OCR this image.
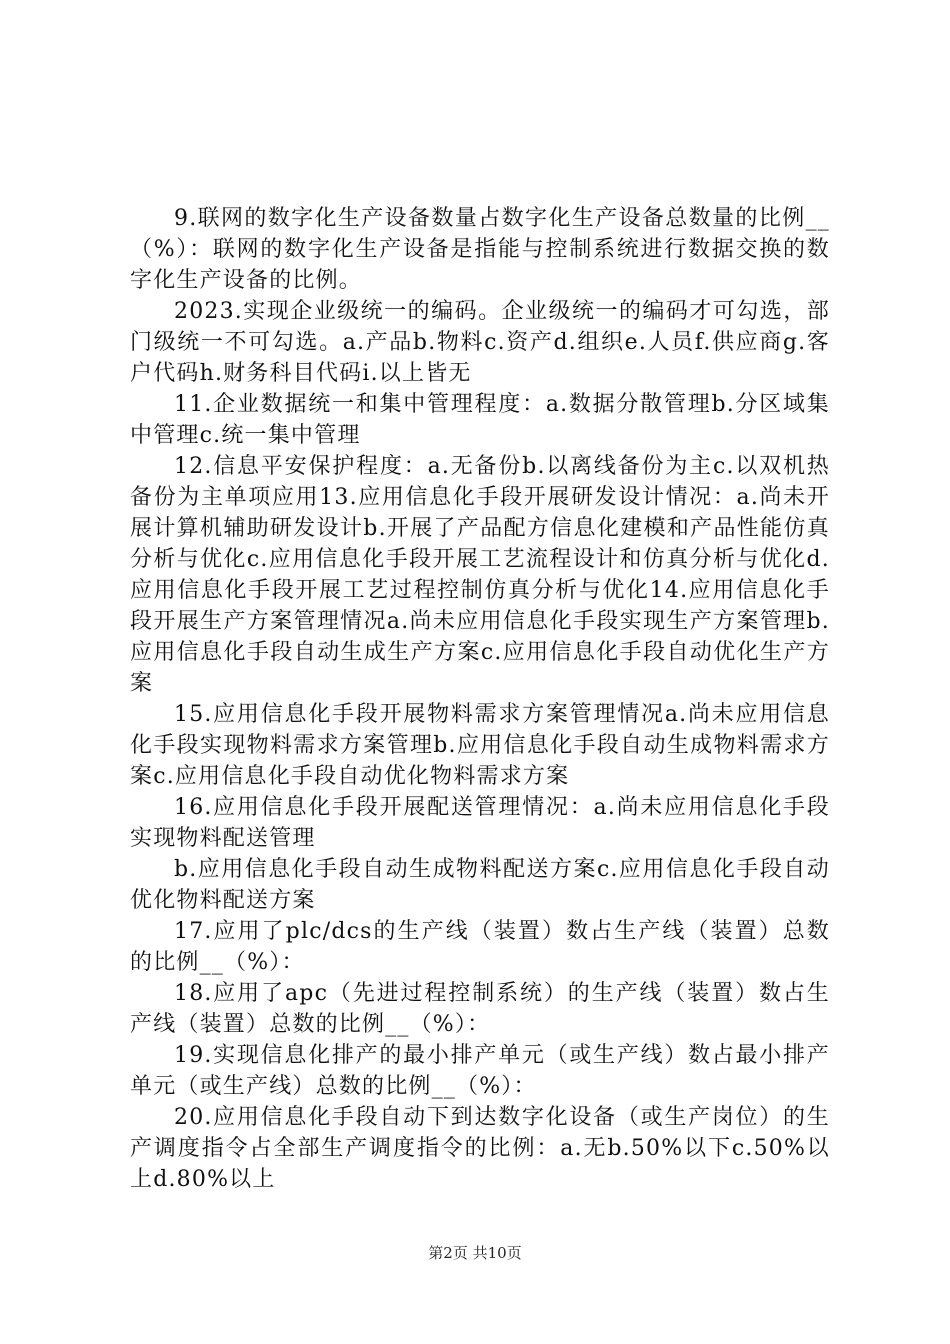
9.联网的数字化生产设备数量占数字化生产设备总数量的比例__（%）：联网的数字化生产设备是指能与控制系统进行数据交换的数字化生产设备的比例。

2023.实现企业级统一的编码。企业级统一的编码才可勾选，部门级统一不可勾选。a.产品b.物料c.资产d.组织e.人员f.供应商g.客户代码h.财务科目代码i.以上皆无

11.企业数据统一和集中管理程度：a.数据分散管理b.分区域集中管理c.统一集中管理

12.信息平安保护程度：a.无备份b.以离线备份为主c.以双机热备份为主单项应用13.应用信息化手段开展研发设计情况：a.尚未开展计算机辅助研发设计b.开展了产品配方信息化建模和产品性能仿真分析与优化c.应用信息化手段开展工艺流程设计和仿真分析与优化d.应用信息化手段开展工艺过程控制仿真分析与优化14.应用信息化手段开展生产方案管理情况a.尚未应用信息化手段实现生产方案管理b.应用信息化手段自动生成生产方案c.应用信息化手段自动优化生产方案

15.应用信息化手段开展物料需求方案管理情况a.尚未应用信息化手段实现物料需求方案管理b.应用信息化手段自动生成物料需求方案c.应用信息化手段自动优化物料需求方案

16.应用信息化手段开展配送管理情况：a.尚未应用信息化手段实现物料配送管理

b.应用信息化手段自动生成物料配送方案c.应用信息化手段自动优化物料配送方案

17.应用了plc/dcs的生产线（装置）数占生产线（装置）总数的比例__（%）：

18.应用了apc（先进过程控制系统）的生产线（装置）数占生产线（装置）总数的比例__（%）：

19.实现信息化排产的最小排产单元（或生产线）数占最小排产单元（或生产线）总数的比例__（%）：

20.应用信息化手段自动下到达数字化设备（或生产岗位）的生产调度指令占全部生产调度指令的比例：a.无b.50%以下c.50%以上d.80%以上

第2页 共10页
